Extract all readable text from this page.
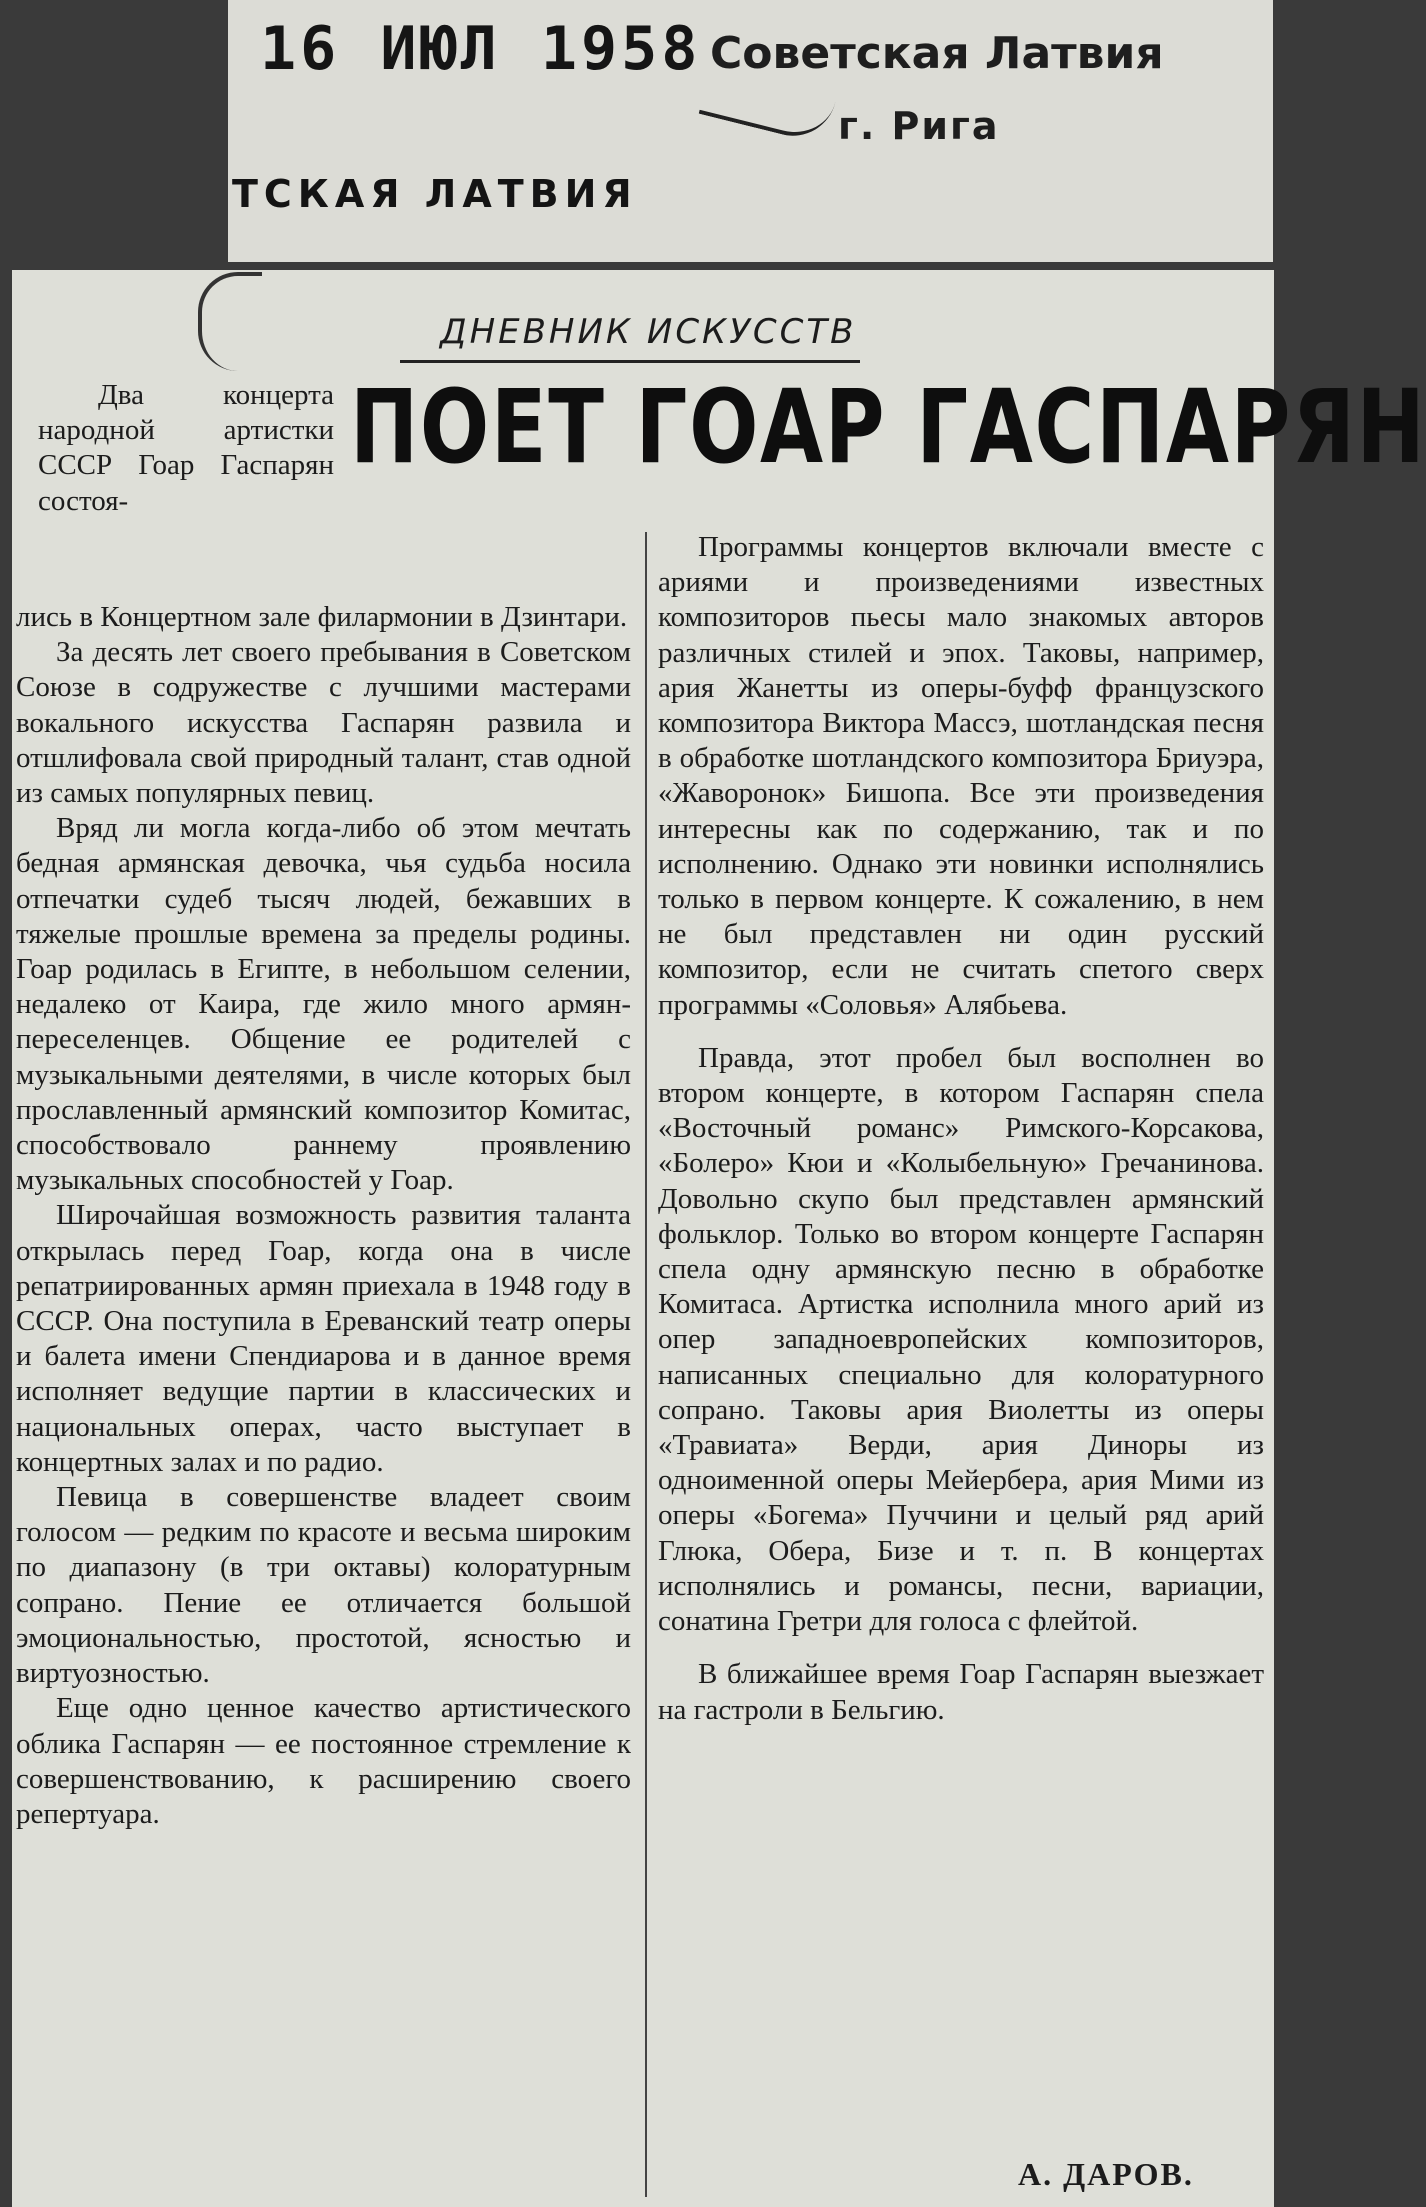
16 ИЮЛ 1958 Советская Латвия
г. Рига
ТСКАЯ ЛАТВИЯ
ДНЕВНИК ИСКУССТВ
ПОЕТ ГОАР ГАСПАРЯН

Два концерта народной артистки СССР Гоар Гаспарян состоя-

лись в Концертном зале филармонии в Дзинтари.

За десять лет своего пребывания в Советском Союзе в содружестве с лучшими мастерами вокального искусства Гаспарян развила и отшлифовала свой природный талант, став одной из самых популярных певиц.

Вряд ли могла когда-либо об этом мечтать бедная армянская девочка, чья судьба носила отпечатки судеб тысяч людей, бежавших в тяжелые прошлые времена за пределы родины. Гоар родилась в Египте, в небольшом селении, недалеко от Каира, где жило много армян-переселенцев. Общение ее родителей с музыкальными деятелями, в числе которых был прославленный армянский композитор Комитас, способствовало раннему проявлению музыкальных способностей у Гоар.

Широчайшая возможность развития таланта открылась перед Гоар, когда она в числе репатриированных армян приехала в 1948 году в СССР. Она поступила в Ереванский театр оперы и балета имени Спендиарова и в данное время исполняет ведущие партии в классических и национальных операх, часто выступает в концертных залах и по радио.

Певица в совершенстве владеет своим голосом — редким по красоте и весьма широким по диапазону (в три октавы) колоратурным сопрано. Пение ее отличается большой эмоциональностью, простотой, ясностью и виртуозностью.

Еще одно ценное качество артистического облика Гаспарян — ее постоянное стремление к совершенствованию, к расширению своего репертуара.

Программы концертов включали вместе с ариями и произведениями известных композиторов пьесы мало знакомых авторов различных стилей и эпох. Таковы, например, ария Жанетты из оперы-буфф французского композитора Виктора Массэ, шотландская песня в обработке шотландского композитора Бриуэра, «Жаворонок» Бишопа. Все эти произведения интересны как по содержанию, так и по исполнению. Однако эти новинки исполнялись только в первом концерте. К сожалению, в нем не был представлен ни один русский композитор, если не считать спетого сверх программы «Соловья» Алябьева.

Правда, этот пробел был восполнен во втором концерте, в котором Гаспарян спела «Восточный романс» Римского-Корсакова, «Болеро» Кюи и «Колыбельную» Гречанинова. Довольно скупо был представлен армянский фольклор. Только во втором концерте Гаспарян спела одну армянскую песню в обработке Комитаса. Артистка исполнила много арий из опер западноевропейских композиторов, написанных специально для колоратурного сопрано. Таковы ария Виолетты из оперы «Травиата» Верди, ария Диноры из одноименной оперы Мейербера, ария Мими из оперы «Богема» Пуччини и целый ряд арий Глюка, Обера, Бизе и т. п. В концертах исполнялись и романсы, песни, вариации, сонатина Гретри для голоса с флейтой.

В ближайшее время Гоар Гаспарян выезжает на гастроли в Бельгию.

А. ДАРОВ.
